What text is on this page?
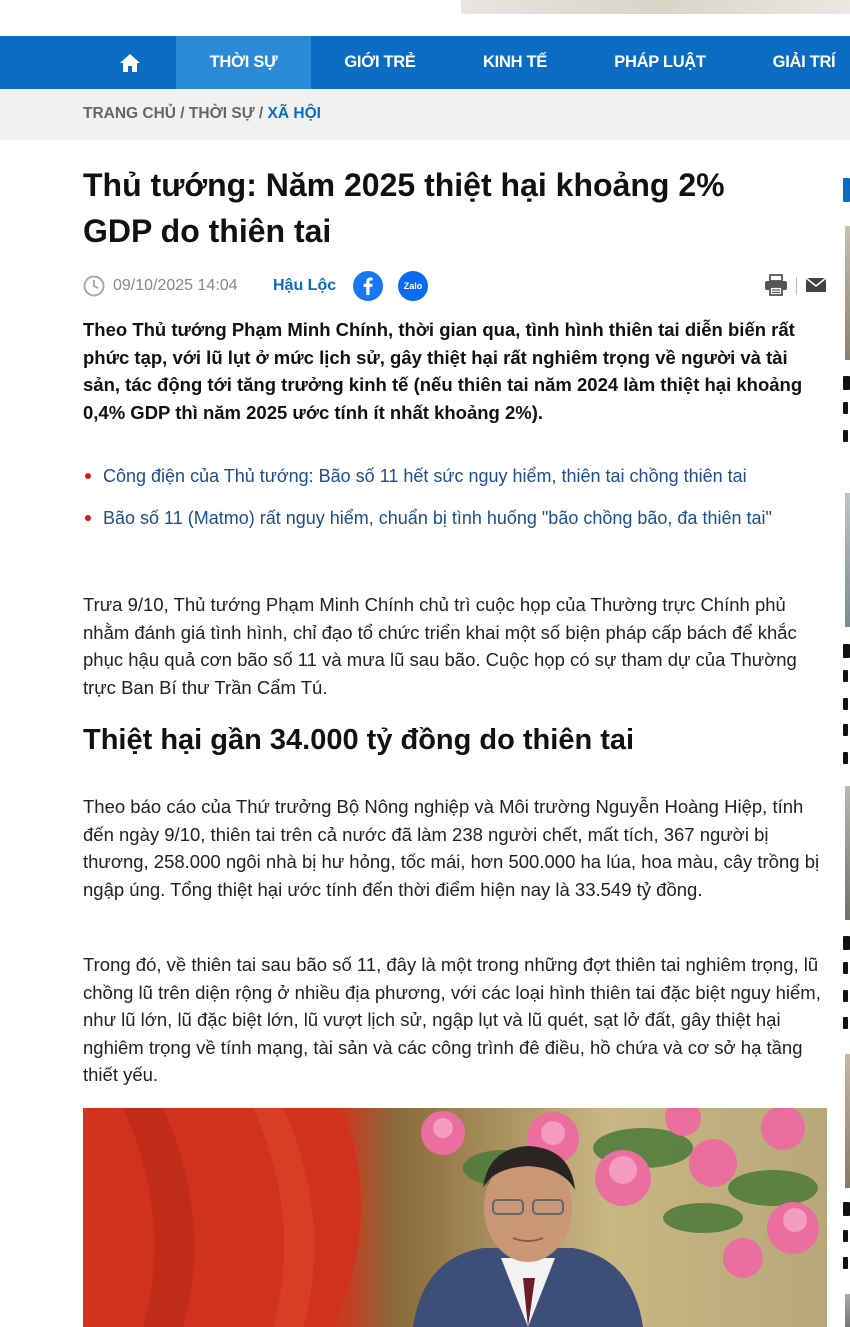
THỜI SỰ	GIỚI TRẺ	KINH TẾ	PHÁP LUẬT	GIẢI TRÍ
TRANG CHỦ / THỜI SỰ / XÃ HỘI
Thủ tướng: Năm 2025 thiệt hại khoảng 2% GDP do thiên tai
09/10/2025 14:04 Hậu Lộc	Zalo

Theo Thủ tướng Phạm Minh Chính, thời gian qua, tình hình thiên tai diễn biến rất phức tạp, với lũ lụt ở mức lịch sử, gây thiệt hại rất nghiêm trọng về người và tài sản, tác động tới tăng trưởng kinh tế (nếu thiên tai năm 2024 làm thiệt hại khoảng 0,4% GDP thì năm 2025 ước tính ít nhất khoảng 2%).

Công điện của Thủ tướng: Bão số 11 hết sức nguy hiểm, thiên tai chồng thiên tai
Bão số 11 (Matmo) rất nguy hiểm, chuẩn bị tình huống "bão chồng bão, đa thiên tai"

Trưa 9/10, Thủ tướng Phạm Minh Chính chủ trì cuộc họp của Thường trực Chính phủ nhằm đánh giá tình hình, chỉ đạo tổ chức triển khai một số biện pháp cấp bách để khắc phục hậu quả cơn bão số 11 và mưa lũ sau bão. Cuộc họp có sự tham dự của Thường trực Ban Bí thư Trần Cẩm Tú.

Thiệt hại gần 34.000 tỷ đồng do thiên tai

Theo báo cáo của Thứ trưởng Bộ Nông nghiệp và Môi trường Nguyễn Hoàng Hiệp, tính đến ngày 9/10, thiên tai trên cả nước đã làm 238 người chết, mất tích, 367 người bị thương, 258.000 ngôi nhà bị hư hỏng, tốc mái, hơn 500.000 ha lúa, hoa màu, cây trồng bị ngập úng. Tổng thiệt hại ước tính đến thời điểm hiện nay là 33.549 tỷ đồng.

Trong đó, về thiên tai sau bão số 11, đây là một trong những đợt thiên tai nghiêm trọng, lũ chồng lũ trên diện rộng ở nhiều địa phương, với các loại hình thiên tai đặc biệt nguy hiểm, như lũ lớn, lũ đặc biệt lớn, lũ vượt lịch sử, ngập lụt và lũ quét, sạt lở đất, gây thiệt hại nghiêm trọng về tính mạng, tài sản và các công trình đê điều, hồ chứa và cơ sở hạ tầng thiết yếu.
